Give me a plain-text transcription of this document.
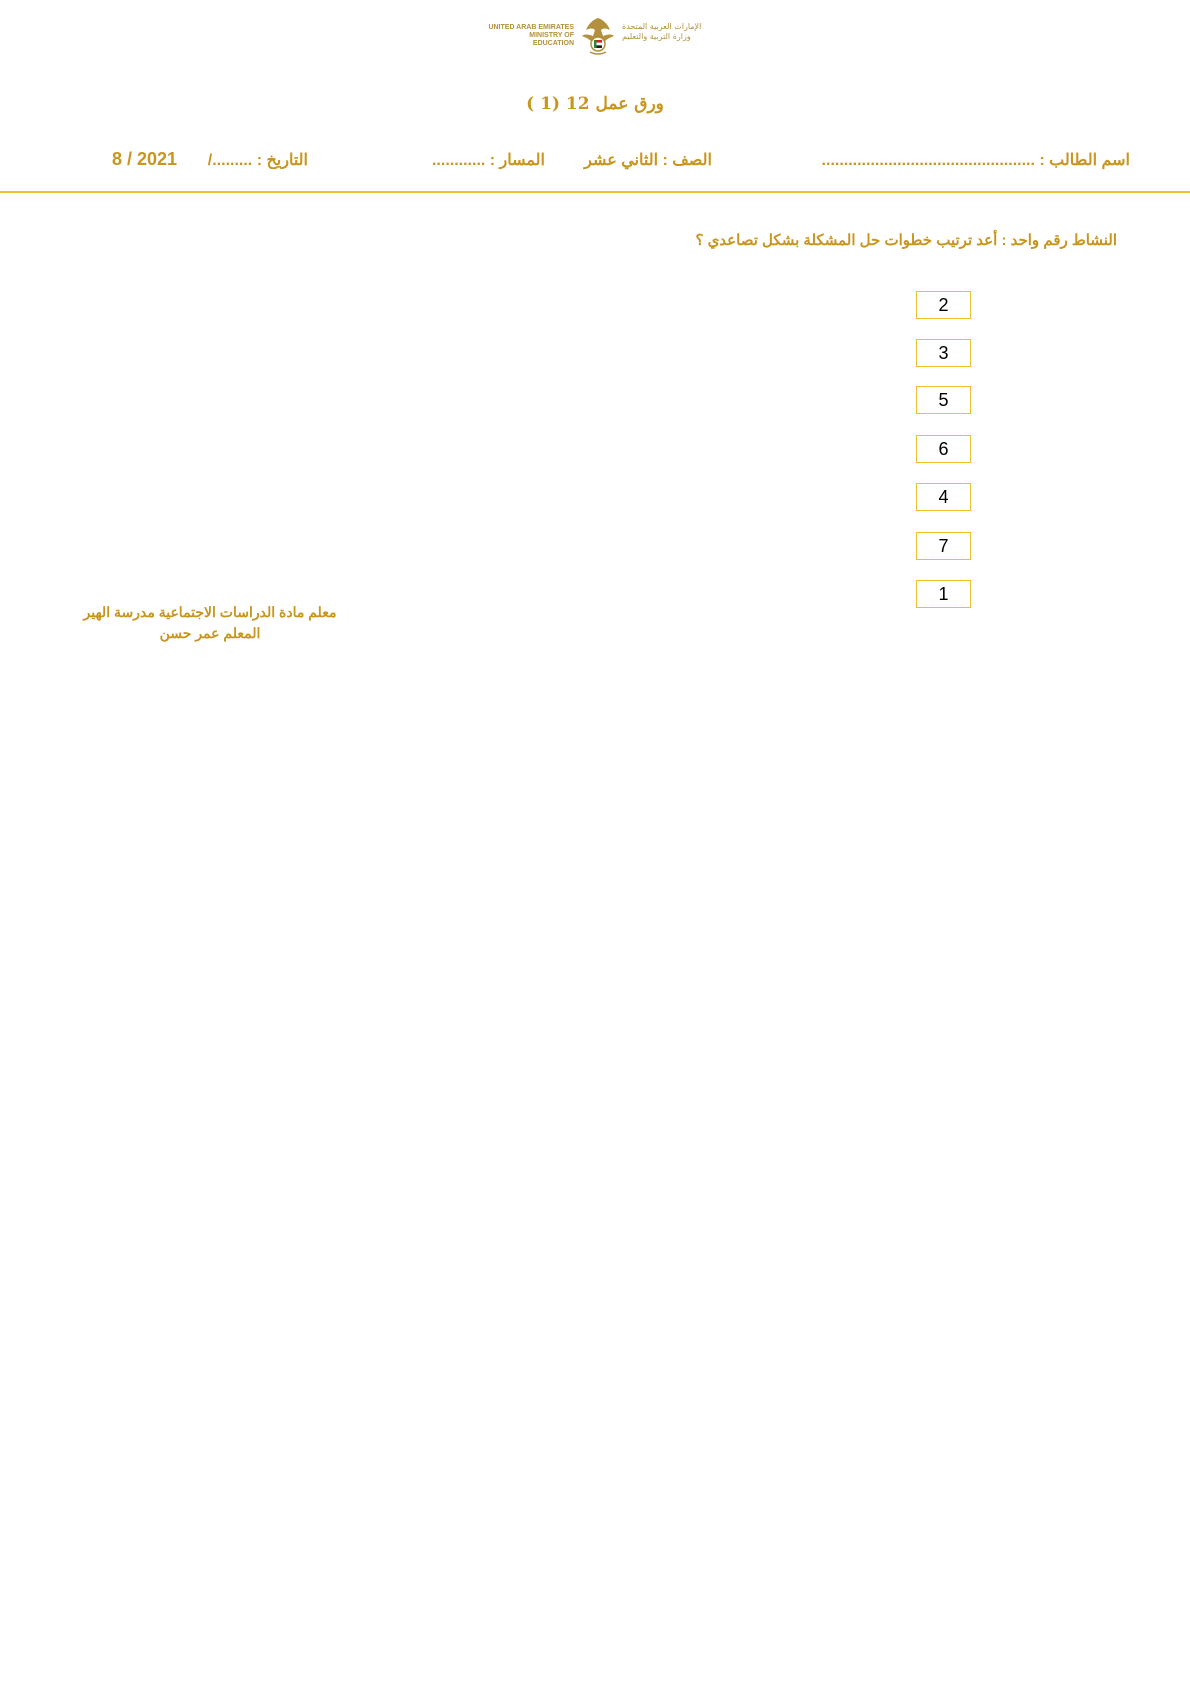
UNITED ARAB EMIRATES
MINISTRY OF EDUCATION
الإمارات العربية المتحدة
وزارة التربية والتعليم
ورق عمل 12 (1 )
اسم الطالب : ................................................
الصف : الثاني عشر
المسار : ............
التاريخ : ........./
8 / 2021
النشاط رقم واحد : أعد ترتيب خطوات حل المشكلة بشكل تصاعدي ؟
2
3
5
6
4
7
1
معلم مادة الدراسات الاجتماعية مدرسة الهير
المعلم عمر حسن
